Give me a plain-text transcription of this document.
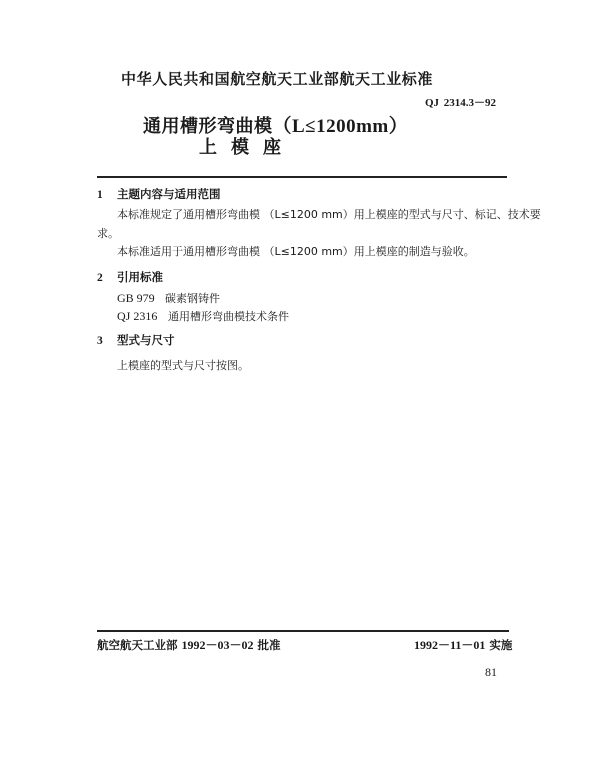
中华人民共和国航空航天工业部航天工业标准
QJ 2314.3－92
通用槽形弯曲模（L≤1200mm）
上模座
1 主题内容与适用范围
本标准规定了通用槽形弯曲模 （L≤1200 mm）用上模座的型式与尺寸、标记、技术要
求。
本标准适用于通用槽形弯曲模 （L≤1200 mm）用上模座的制造与验收。
2 引用标准
GB 979 碳素钢铸件
QJ 2316 通用槽形弯曲模技术条件
3 型式与尺寸
上模座的型式与尺寸按图。
航空航天工业部 1992－03－02 批准	1992－11－01 实施
81
